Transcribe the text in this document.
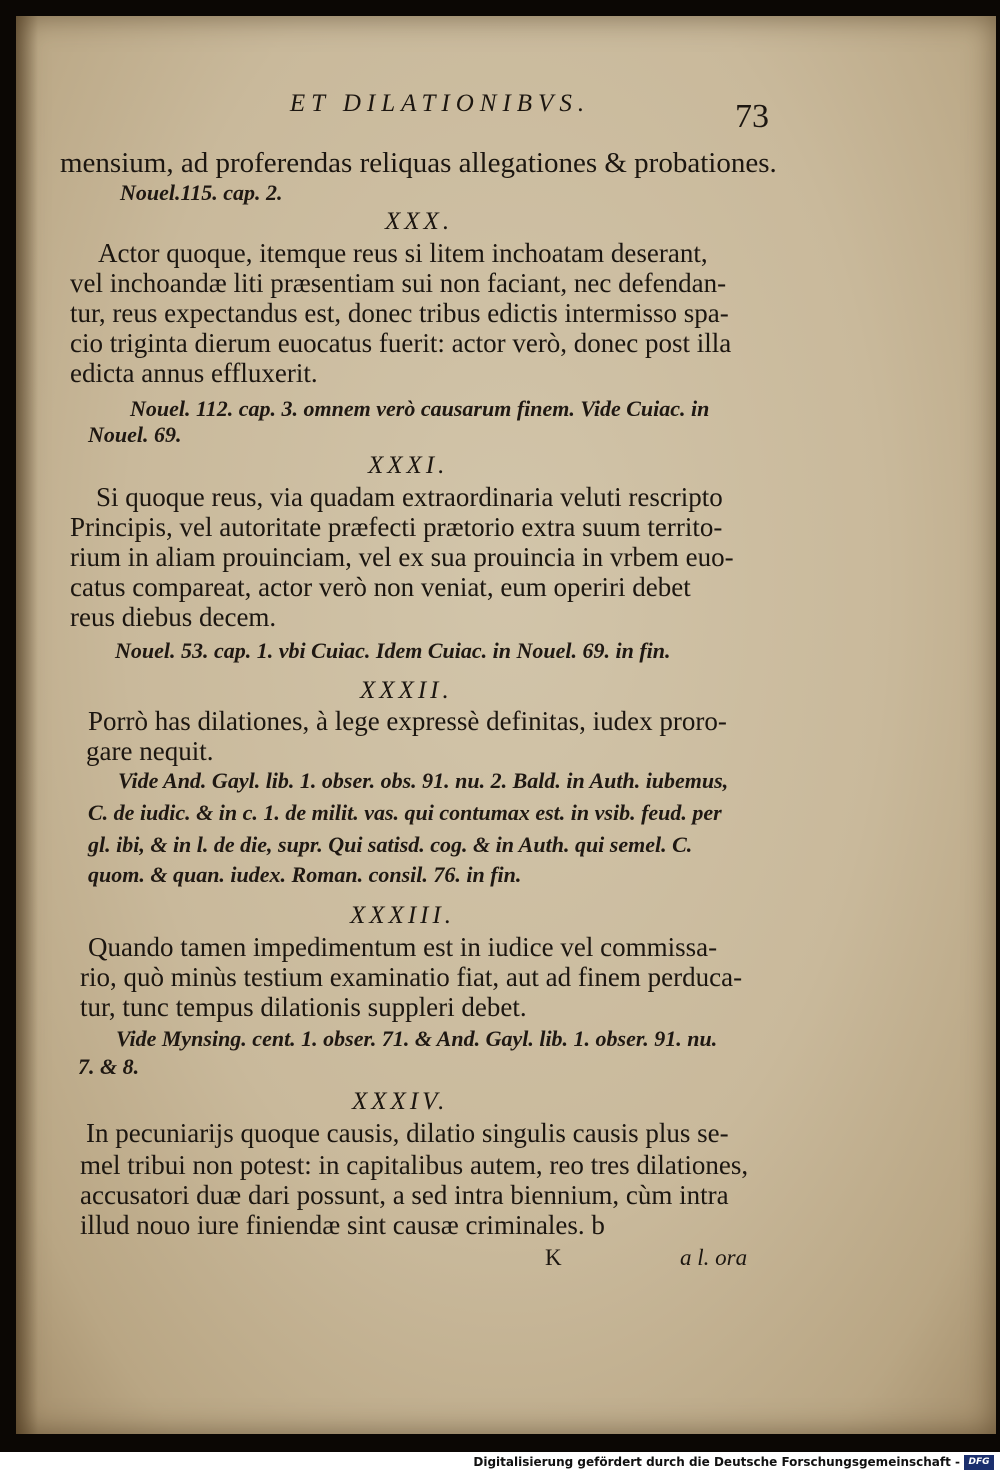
ET DILATIONIBVS.	73
mensium, ad proferendas reliquas allegationes & probationes.
Nouel.115. cap. 2.
XXX.
Actor quoque, itemque reus si litem inchoatam deserant,
vel inchoandæ liti præsentiam sui non faciant, nec defendan-
tur, reus expectandus est, donec tribus edictis intermisso spa-
cio triginta dierum euocatus fuerit: actor verò, donec post illa
edicta annus effluxerit.
Nouel. 112. cap. 3. omnem verò causarum finem. Vide Cuiac. in
Nouel. 69.
XXXI.
Si quoque reus, via quadam extraordinaria veluti rescripto
Principis, vel autoritate præfecti prætorio extra suum territo-
rium in aliam prouinciam, vel ex sua prouincia in vrbem euo-
catus compareat, actor verò non veniat, eum operiri debet
reus diebus decem.
Nouel. 53. cap. 1. vbi Cuiac. Idem Cuiac. in Nouel. 69. in fin.
XXXII.
Porrò has dilationes, à lege expressè definitas, iudex proro-
gare nequit.
Vide And. Gayl. lib. 1. obser. obs. 91. nu. 2. Bald. in Auth. iubemus,
C. de iudic. & in c. 1. de milit. vas. qui contumax est. in vsib. feud. per
gl. ibi, & in l. de die, supr. Qui satisd. cog. & in Auth. qui semel. C.
quom. & quan. iudex. Roman. consil. 76. in fin.
XXXIII.
Quando tamen impedimentum est in iudice vel commissa-
rio, quò minùs testium examinatio fiat, aut ad finem perduca-
tur, tunc tempus dilationis suppleri debet.
Vide Mynsing. cent. 1. obser. 71. & And. Gayl. lib. 1. obser. 91. nu.
7. & 8.
XXXIV.
In pecuniarijs quoque causis, dilatio singulis causis plus se-
mel tribui non potest: in capitalibus autem, reo tres dilationes,
accusatori duæ dari possunt, a sed intra biennium, cùm intra
illud nouo iure finiendæ sint causæ criminales. b
K	a l. ora
Digitalisierung gefördert durch die Deutsche Forschungsgemeinschaft - DFG
